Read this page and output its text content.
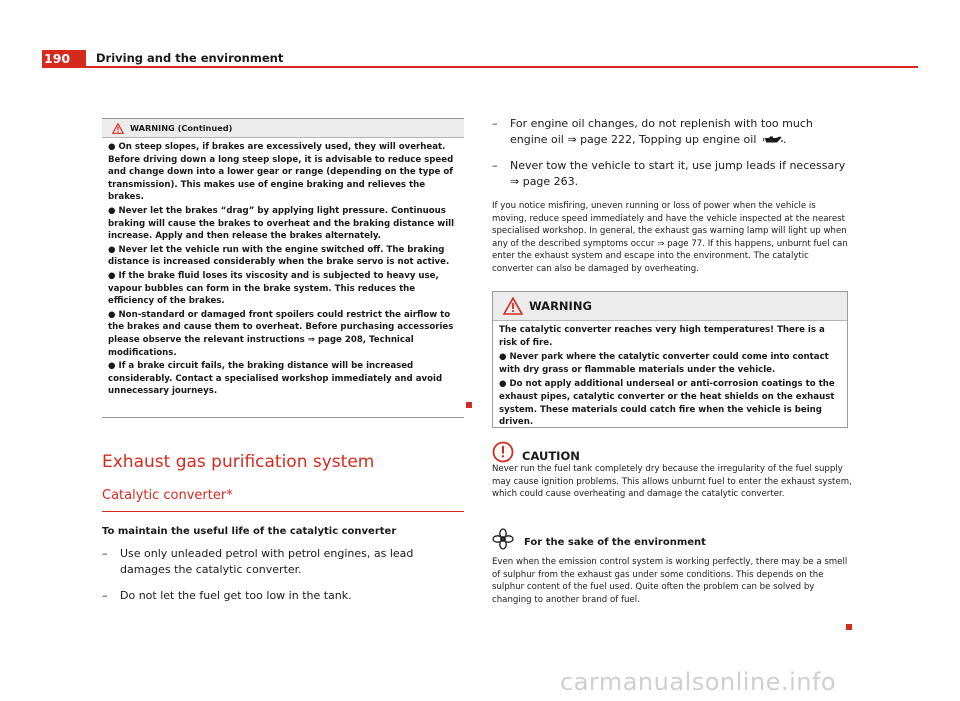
190	Driving and the environment
WARNING (Continued)

● On steep slopes, if brakes are excessively used, they will overheat. Before driving down a long steep slope, it is advisable to reduce speed and change down into a lower gear or range (depending on the type of transmission). This makes use of engine braking and relieves the brakes.

● Never let the brakes “drag” by applying light pressure. Continuous braking will cause the brakes to overheat and the braking distance will increase. Apply and then release the brakes alternately.

● Never let the vehicle run with the engine switched off. The braking distance is increased considerably when the brake servo is not active.

● If the brake fluid loses its viscosity and is subjected to heavy use, vapour bubbles can form in the brake system. This reduces the efficiency of the brakes.

● Non-standard or damaged front spoilers could restrict the airflow to the brakes and cause them to overheat. Before purchasing accessories please observe the relevant instructions ⇒ page 208, Technical modifications.

● If a brake circuit fails, the braking distance will be increased considerably. Contact a specialised workshop immediately and avoid unnecessary journeys.

Exhaust gas purification system
Catalytic converter*
To maintain the useful life of the catalytic converter
–	Use only unleaded petrol with petrol engines, as lead damages the catalytic converter.
–	Do not let the fuel get too low in the tank.
–	For engine oil changes, do not replenish with too much engine oil ⇒ page 222, Topping up engine oil .
–	Never tow the vehicle to start it, use jump leads if necessary ⇒ page 263.
If you notice misfiring, uneven running or loss of power when the vehicle is moving, reduce speed immediately and have the vehicle inspected at the nearest specialised workshop. In general, the exhaust gas warning lamp will light up when any of the described symptoms occur ⇒ page 77. If this happens, unburnt fuel can enter the exhaust system and escape into the environment. The catalytic converter can also be damaged by overheating.
WARNING

The catalytic converter reaches very high temperatures! There is a risk of fire.

● Never park where the catalytic converter could come into contact with dry grass or flammable materials under the vehicle.

● Do not apply additional underseal or anti-corrosion coatings to the exhaust pipes, catalytic converter or the heat shields on the exhaust system. These materials could catch fire when the vehicle is being driven.

CAUTION
Never run the fuel tank completely dry because the irregularity of the fuel supply may cause ignition problems. This allows unburnt fuel to enter the exhaust system, which could cause overheating and damage the catalytic converter.
For the sake of the environment
Even when the emission control system is working perfectly, there may be a smell of sulphur from the exhaust gas under some conditions. This depends on the sulphur content of the fuel used. Quite often the problem can be solved by changing to another brand of fuel.
carmanualsonline.info
